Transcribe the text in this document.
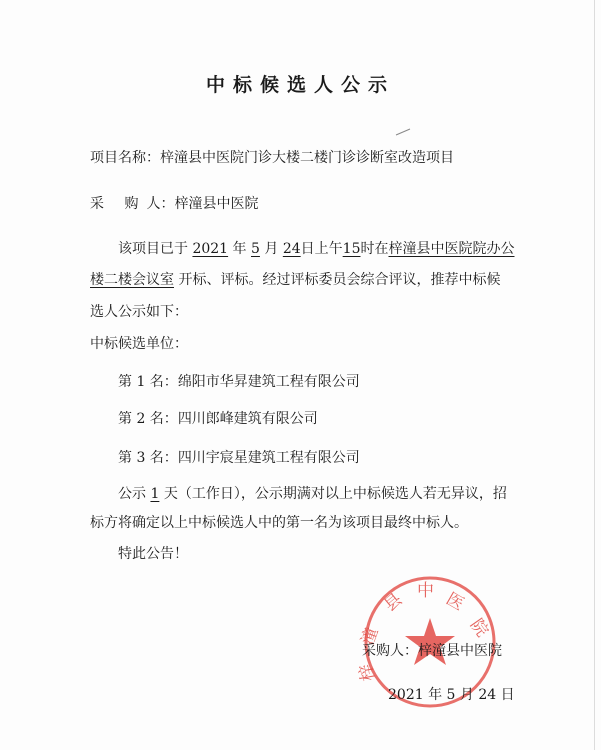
中标候选人公示
项目名称：梓潼县中医院门诊大楼二楼门诊诊断室改造项目
采 购人：梓潼县中医院
该项目已于 2021 年 5 月 24日上午15时在梓潼县中医院院办公
楼二楼会议室 开标、评标。经过评标委员会综合评议，推荐中标候
选人公示如下：
中标候选单位：
第 1 名：绵阳市华昇建筑工程有限公司
第 2 名：四川郎峰建筑有限公司
第 3 名：四川宇宸星建筑工程有限公司
公示 1 天（工作日），公示期满对以上中标候选人若无异议，招
标方将确定以上中标候选人中的第一名为该项目最终中标人。
特此公告！
县 中 医
院
潼
梓
采购人：梓潼县中医院
2021 年 5 月 24 日
